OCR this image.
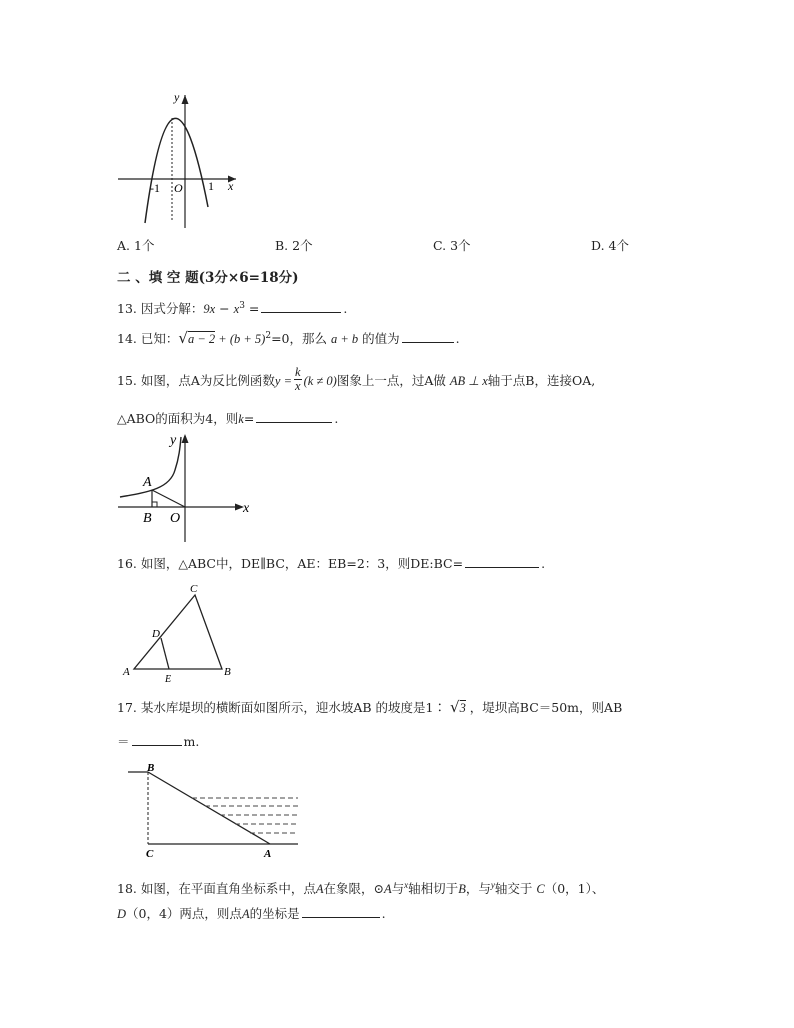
y
x
O
-1	1
A. 1个	B. 2个	C. 3个	D. 4个
二 、填 空 题(3分×6=18分)
13. 因式分解：$9x - x^3$ =	.
14. 已知：$√a - 2 + (b + 5)^2=0$，那么 a + b 的值为	.
15. 如图，点A为反比例函数$y = \frac{k}{x} (k \ne 0)$图象上一点，过A做 AB ⊥ x轴于点B，连接OA,
△ABO的面积为4，则k=	.
y
x
A
B O
16. 如图，△ABC中，DE∥BC，AE：EB=2：3，则DE:BC=	.
A	B
C
D
E
17. 某水库堤坝的横断面如图所示，迎水坡AB 的坡度是1∶ √3 ，堤坝高BC＝50m，则AB
＝	m.
B
C	A
18. 如图，在平面直角坐标系中，点A在象限，⊙A与$^x$轴相切于B，与$^y$轴交于 C（0，1）、
D（0，4）两点，则点A的坐标是	.
